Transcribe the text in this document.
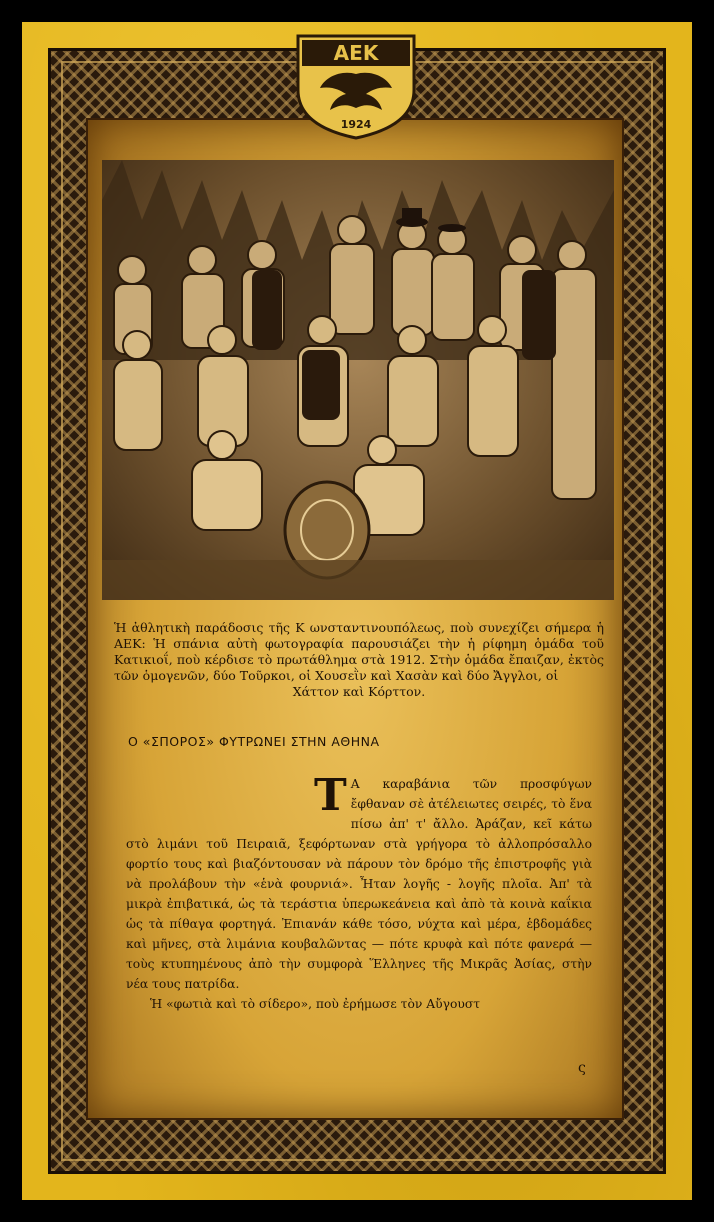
Ἡ ἀθλητικὴ παράδοσις τῆς Κ ωνσταντινουπόλεως, ποὺ συνεχίζει σήμερα ἡ ΑΕΚ: Ἡ σπάνια αὐτὴ φωτογραφία παρουσιάζει τὴν ἡ ρίφημη ὁμάδα τοῦ Κατικιοΐ, ποὺ κέρδισε τὸ πρωτάθλημα στὰ 1912. Στὴν ὁμάδα ἔπαιζαν, ἐκτὸς τῶν ὁμογενῶν, δύο Τοῦρκοι, οἱ Χουσεῒν καὶ Χασὰν καὶ δύο Ἄγγλοι, οἱ
Χάττον καὶ Κόρττον.
Ο «ΣΠΟΡΟΣ» ΦΥΤΡΩΝΕΙ ΣΤΗΝ ΑΘΗΝΑ

Τ Α καραβάνια τῶν προσφύγων ἔφθαναν σὲ ἀτέλειωτες σειρές, τὸ ἕνα πίσω ἀπ' τ' ἄλλο. Ἀράζαν, κεῖ κάτω στὸ λιμάνι τοῦ Πειραιᾶ, ξεφόρτωναν στὰ γρήγορα τὸ ἀλλοπρόσαλλο φορτίο τους καὶ βιαζόντουσαν νὰ πάρουν τὸν δρόμο τῆς ἐπιστροφῆς γιὰ νὰ προλάβουν τὴν «ἑνὰ φουρνιά». Ἦταν λογῆς - λογῆς πλοῖα. Ἀπ' τὰ μικρὰ ἐπιβατικά, ὡς τὰ τεράστια ὑπερωκεάνεια καὶ ἀπὸ τὰ κοινὰ καΐκια ὡς τὰ πίθαγα φορτηγά. Ἐπιανάν κάθε τόσο, νύχτα καὶ μέρα, ἑβδομάδες καὶ μῆνες, στὰ λιμάνια κουβαλῶντας — πότε κρυφὰ καὶ πότε φανερά — τοὺς κτυπημένους ἀπὸ τὴν συμφορὰ Ἕλληνες τῆς Μικρᾶς Ἀσίας, στὴν νέα τους πατρίδα.

Ἡ «φωτιὰ καὶ τὸ σίδερο», ποὺ ἐρήμωσε τὸν Αὔγουστ

ς
ΑΕΚ
1924
